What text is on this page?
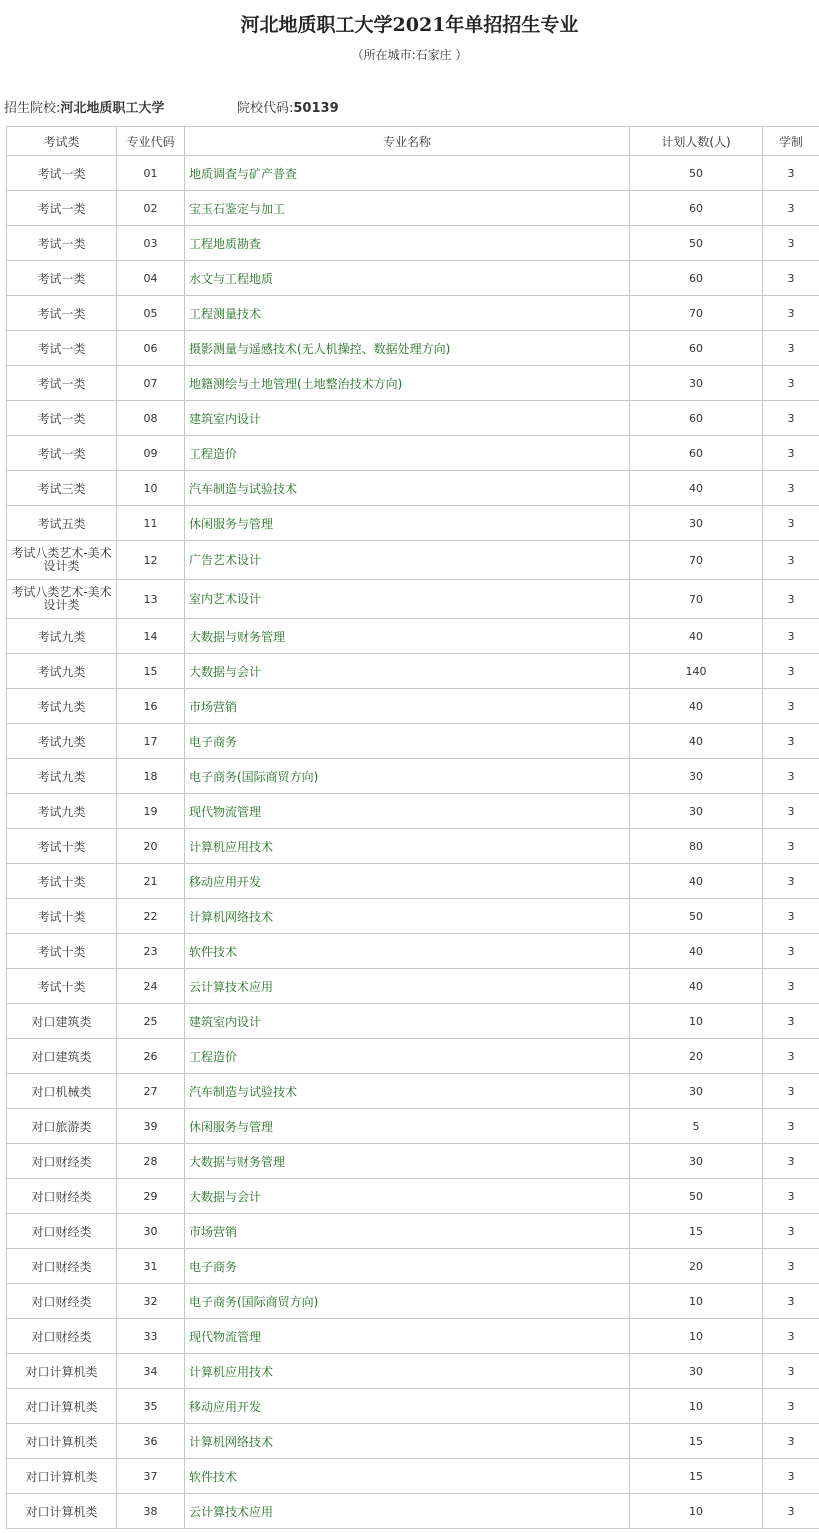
河北地质职工大学2021年单招招生专业
（所在城市:石家庄 ）
招生院校:河北地质职工大学	院校代码:50139
考试类	专业代码	专业名称	计划人数(人)	学制
考试一类	01	地质调查与矿产普查	50	3
考试一类	02	宝玉石鉴定与加工	60	3
考试一类	03	工程地质勘查	50	3
考试一类	04	水文与工程地质	60	3
考试一类	05	工程测量技术	70	3
考试一类	06	摄影测量与遥感技术(无人机操控、数据处理方向)	60	3
考试一类	07	地籍测绘与土地管理(土地整治技术方向)	30	3
考试一类	08	建筑室内设计	60	3
考试一类	09	工程造价	60	3
考试三类	10	汽车制造与试验技术	40	3
考试五类	11	休闲服务与管理	30	3
考试八类艺术-美术设计类	12	广告艺术设计	70	3
考试八类艺术-美术设计类	13	室内艺术设计	70	3
考试九类	14	大数据与财务管理	40	3
考试九类	15	大数据与会计	140	3
考试九类	16	市场营销	40	3
考试九类	17	电子商务	40	3
考试九类	18	电子商务(国际商贸方向)	30	3
考试九类	19	现代物流管理	30	3
考试十类	20	计算机应用技术	80	3
考试十类	21	移动应用开发	40	3
考试十类	22	计算机网络技术	50	3
考试十类	23	软件技术	40	3
考试十类	24	云计算技术应用	40	3
对口建筑类	25	建筑室内设计	10	3
对口建筑类	26	工程造价	20	3
对口机械类	27	汽车制造与试验技术	30	3
对口旅游类	39	休闲服务与管理	5	3
对口财经类	28	大数据与财务管理	30	3
对口财经类	29	大数据与会计	50	3
对口财经类	30	市场营销	15	3
对口财经类	31	电子商务	20	3
对口财经类	32	电子商务(国际商贸方向)	10	3
对口财经类	33	现代物流管理	10	3
对口计算机类	34	计算机应用技术	30	3
对口计算机类	35	移动应用开发	10	3
对口计算机类	36	计算机网络技术	15	3
对口计算机类	37	软件技术	15	3
对口计算机类	38	云计算技术应用	10	3
